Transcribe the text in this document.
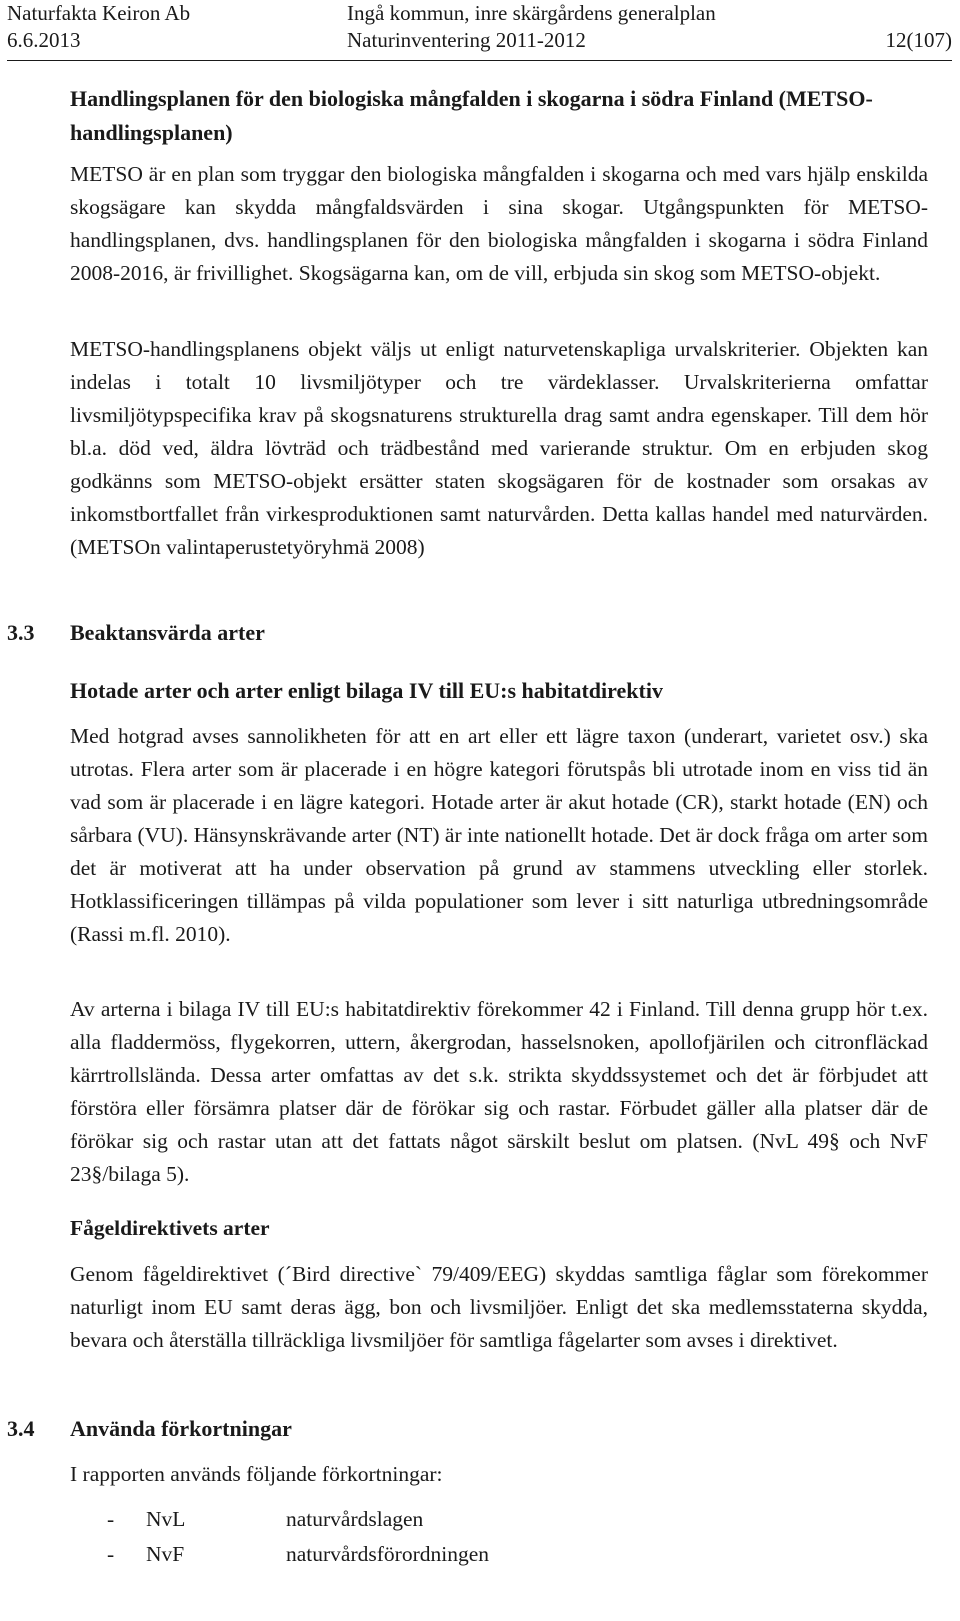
Naturfakta Keiron Ab	Ingå kommun, inre skärgårdens generalplan
6.6.2013	Naturinventering 2011-2012	12(107)
Handlingsplanen för den biologiska mångfalden i skogarna i södra Finland (METSO-handlingsplanen)

METSO är en plan som tryggar den biologiska mångfalden i skogarna och med vars hjälp enskilda skogsägare kan skydda mångfaldsvärden i sina skogar. Utgångspunkten för METSO-handlingsplanen, dvs. handlingsplanen för den biologiska mångfalden i skogarna i södra Finland 2008-2016, är frivillighet. Skogsägarna kan, om de vill, erbjuda sin skog som METSO-objekt.

METSO-handlingsplanens objekt väljs ut enligt naturvetenskapliga urvalskriterier. Objekten kan indelas i totalt 10 livsmiljötyper och tre värdeklasser. Urvalskriterierna omfattar livsmiljötypspecifika krav på skogsnaturens strukturella drag samt andra egenskaper. Till dem hör bl.a. död ved, äldra lövträd och trädbestånd med varierande struktur. Om en erbjuden skog godkänns som METSO-objekt ersätter staten skogsägaren för de kostnader som orsakas av inkomstbortfallet från virkesproduktionen samt naturvården. Detta kallas handel med naturvärden. (METSOn valintaperustetyöryhmä 2008)

3.3 Beaktansvärda arter
Hotade arter och arter enligt bilaga IV till EU:s habitatdirektiv

Med hotgrad avses sannolikheten för att en art eller ett lägre taxon (underart, varietet osv.) ska utrotas. Flera arter som är placerade i en högre kategori förutspås bli utrotade inom en viss tid än vad som är placerade i en lägre kategori. Hotade arter är akut hotade (CR), starkt hotade (EN) och sårbara (VU). Hänsynskrävande arter (NT) är inte nationellt hotade. Det är dock fråga om arter som det är motiverat att ha under observation på grund av stammens utveckling eller storlek. Hotklassificeringen tillämpas på vilda populationer som lever i sitt naturliga utbredningsområde (Rassi m.fl. 2010).

Av arterna i bilaga IV till EU:s habitatdirektiv förekommer 42 i Finland. Till denna grupp hör t.ex. alla fladdermöss, flygekorren, uttern, åkergrodan, hasselsnoken, apollofjärilen och citronfläckad kärrtrollslända. Dessa arter omfattas av det s.k. strikta skyddssystemet och det är förbjudet att förstöra eller försämra platser där de förökar sig och rastar. Förbudet gäller alla platser där de förökar sig och rastar utan att det fattats något särskilt beslut om platsen. (NvL 49§ och NvF 23§/bilaga 5).

Fågeldirektivets arter

Genom fågeldirektivet (´Bird directive` 79/409/EEG) skyddas samtliga fåglar som förekommer naturligt inom EU samt deras ägg, bon och livsmiljöer. Enligt det ska medlemsstaterna skydda, bevara och återställa tillräckliga livsmiljöer för samtliga fågelarter som avses i direktivet.

3.4 Använda förkortningar

I rapporten används följande förkortningar:

- NvL	naturvårdslagen
- NvF	naturvårdsförordningen
